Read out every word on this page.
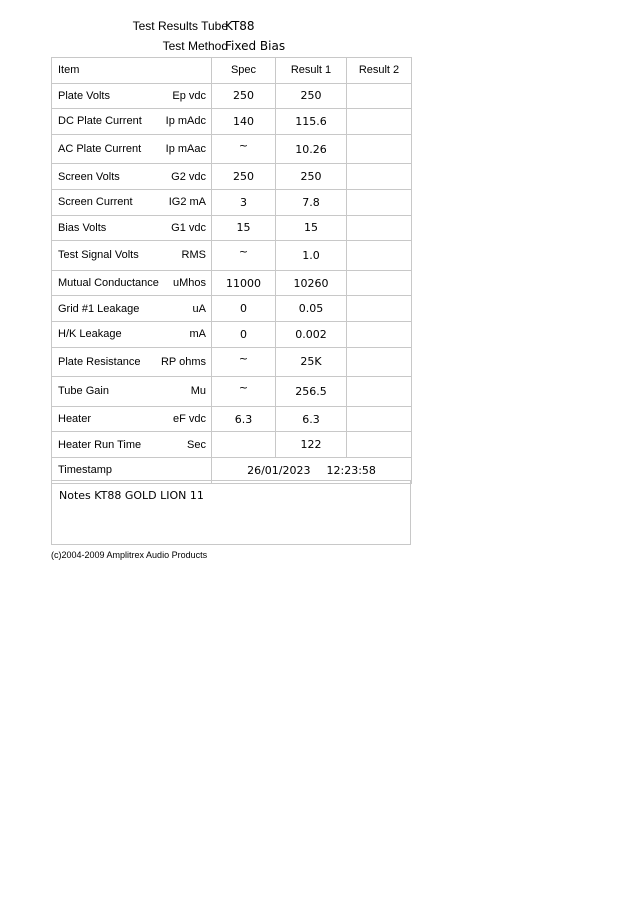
Test Results Tube
KT88
Test Method
Fixed Bias
Item	Spec	Result 1	Result 2

Plate Volts Ep vdc	250	250	

DC Plate Current Ip mAdc	140	115.6	

AC Plate Current Ip mAac	~	10.26	

Screen Volts G2 vdc	250	250	

Screen Current IG2 mA	3	7.8	

Bias Volts G1 vdc	15	15	

Test Signal Volts RMS	~	1.0	

Mutual Conductance uMhos	11000	10260	

Grid #1 Leakage uA	0	0.05	

H/K Leakage mA	0	0.002	

Plate Resistance RP ohms	~	25K	

Tube Gain Mu	~	256.5	

Heater eF vdc	6.3	6.3	

Heater Run Time Sec		122	

Timestamp	26/01/2023 12:23:58		
Notes KT88 GOLD LION 11
(c)2004-2009 Amplitrex Audio Products
